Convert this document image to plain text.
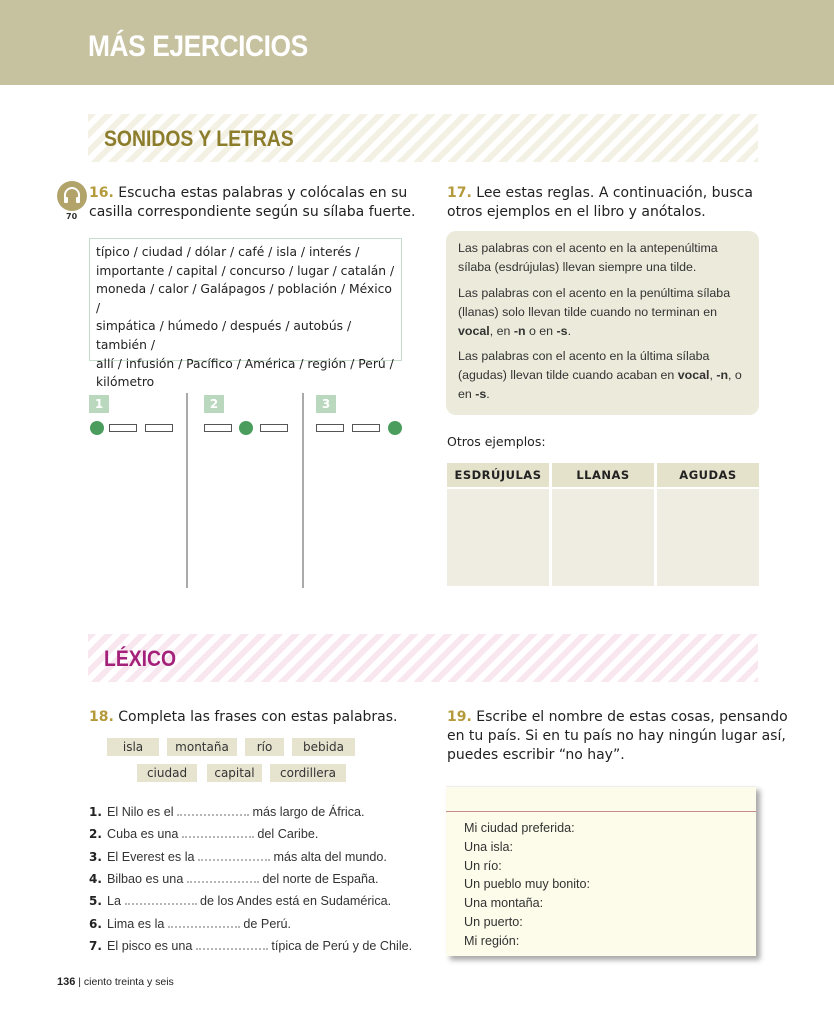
MÁS EJERCICIOS
SONIDOS Y LETRAS
LÉXICO
70
16. Escucha estas palabras y colócalas en su
casilla correspondiente según su sílaba fuerte.
típico / ciudad / dólar / café / isla / interés /
importante / capital / concurso / lugar / catalán /
moneda / calor / Galápagos / población / México /
simpática / húmedo / después / autobús / también /
allí / infusión / Pacífico / América / región / Perú /
kilómetro
1	2	3
17. Lee estas reglas. A continuación, busca
otros ejemplos en el libro y anótalos.

Las palabras con el acento en la antepenúltima
sílaba (esdrújulas) llevan siempre una tilde.

Las palabras con el acento en la penúltima sílaba
(llanas) solo llevan tilde cuando no terminan en
vocal, en -n o en -s.

Las palabras con el acento en la última sílaba
(agudas) llevan tilde cuando acaban en vocal, -n, o
en -s.

Otros ejemplos:
ESDRÚJULAS	LLANAS	AGUDAS
18. Completa las frases con estas palabras.
isla	montaña	río	bebida
ciudad	capital	cordillera
1. El Nilo es el	más largo de África.
2. Cuba es una	del Caribe.
3. El Everest es la	más alta del mundo.
4. Bilbao es una	del norte de España.
5. La	de los Andes está en Sudamérica.
6. Lima es la	de Perú.
7. El pisco es una	típica de Perú y de Chile.
19. Escribe el nombre de estas cosas, pensando
en tu país. Si en tu país no hay ningún lugar así,
puedes escribir “no hay”.
Mi ciudad preferida:
Una isla:
Un río:
Un pueblo muy bonito:
Una montaña:
Un puerto:
Mi región:
136 | ciento treinta y seis
